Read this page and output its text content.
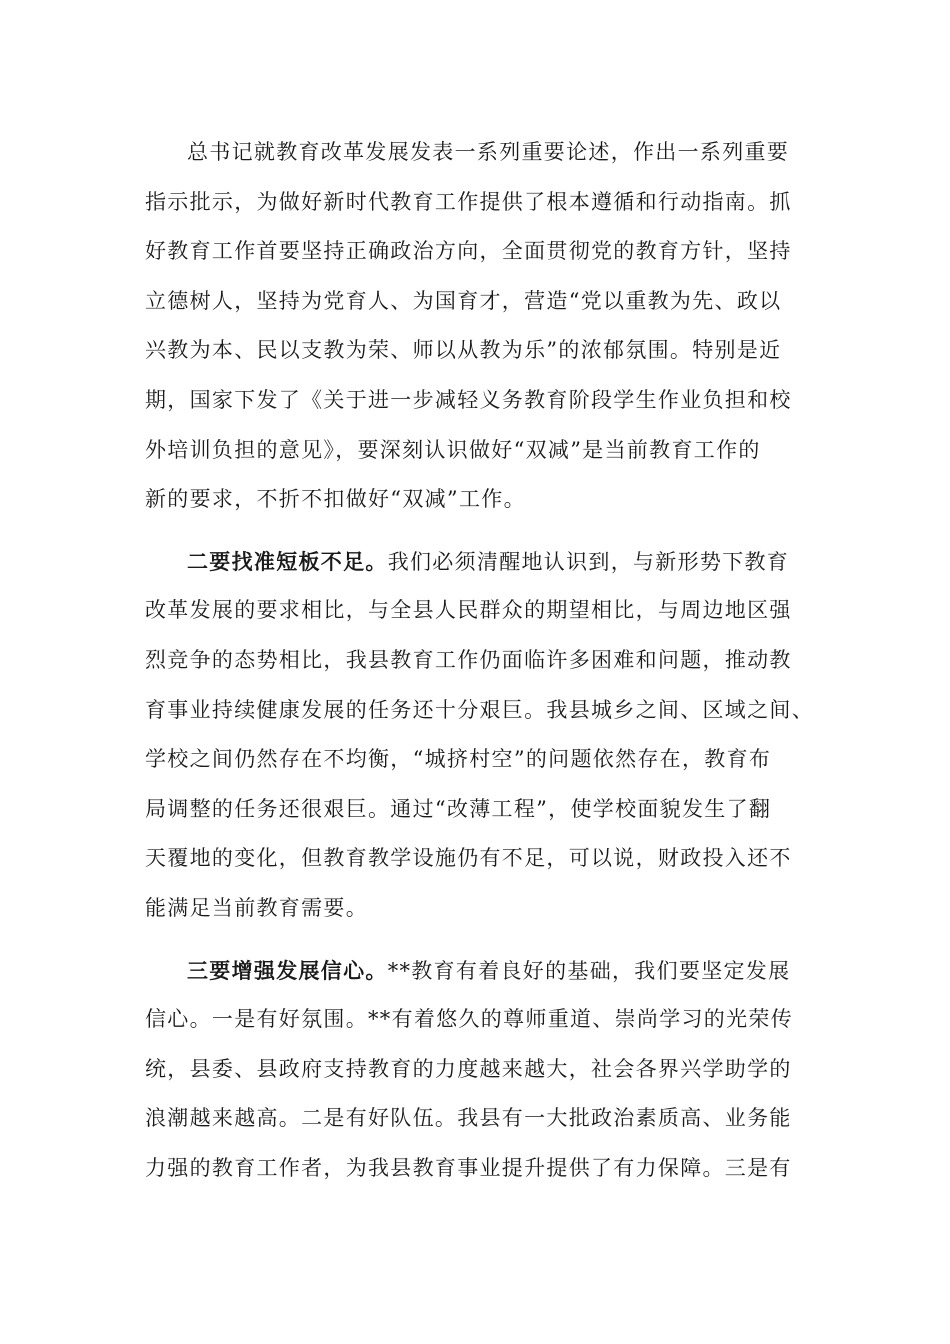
总书记就教育改革发展发表一系列重要论述，作出一系列重要
指示批示，为做好新时代教育工作提供了根本遵循和行动指南。抓
好教育工作首要坚持正确政治方向，全面贯彻党的教育方针，坚持
立德树人，坚持为党育人、为国育才，营造“党以重教为先、政以
兴教为本、民以支教为荣、师以从教为乐”的浓郁氛围。特别是近
期，国家下发了《关于进一步减轻义务教育阶段学生作业负担和校
外培训负担的意见》，要深刻认识做好“双减”是当前教育工作的
新的要求，不折不扣做好“双减”工作。
二要找准短板不足。我们必须清醒地认识到，与新形势下教育
改革发展的要求相比，与全县人民群众的期望相比，与周边地区强
烈竞争的态势相比，我县教育工作仍面临许多困难和问题，推动教
育事业持续健康发展的任务还十分艰巨。我县城乡之间、区域之间、
学校之间仍然存在不均衡，“城挤村空”的问题依然存在，教育布
局调整的任务还很艰巨。通过“改薄工程”，使学校面貌发生了翻
天覆地的变化，但教育教学设施仍有不足，可以说，财政投入还不
能满足当前教育需要。
三要增强发展信心。**教育有着良好的基础，我们要坚定发展
信心。一是有好氛围。**有着悠久的尊师重道、崇尚学习的光荣传
统，县委、县政府支持教育的力度越来越大，社会各界兴学助学的
浪潮越来越高。二是有好队伍。我县有一大批政治素质高、业务能
力强的教育工作者，为我县教育事业提升提供了有力保障。三是有
